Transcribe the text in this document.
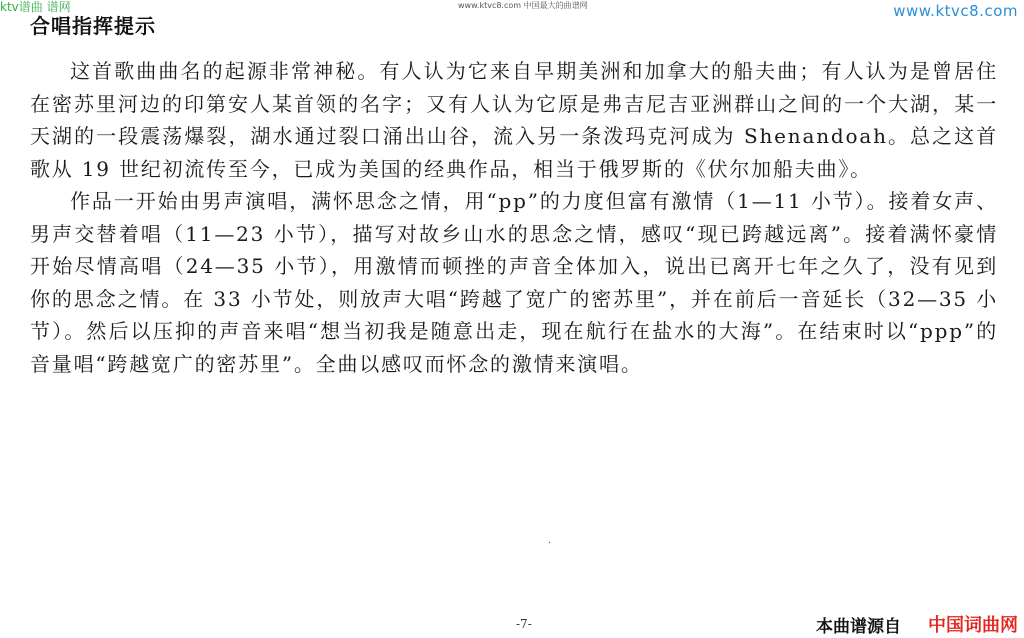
ktv谱曲 谱网	www.ktvc8.com 中国最大的曲谱网	www.ktvc8.com
合唱指挥提示

这首歌曲曲名的起源非常神秘。有人认为它来自早期美洲和加拿大的船夫曲；有人认为是曾居住在密苏里河边的印第安人某首领的名字；又有人认为它原是弗吉尼吉亚洲群山之间的一个大湖，某一天湖的一段震荡爆裂，湖水通过裂口涌出山谷，流入另一条泼玛克河成为 Shenandoah。总之这首歌从 19 世纪初流传至今，已成为美国的经典作品，相当于俄罗斯的《伏尔加船夫曲》。

作品一开始由男声演唱，满怀思念之情，用“pp”的力度但富有激情（1—11 小节）。接着女声、男声交替着唱（11—23 小节），描写对故乡山水的思念之情，感叹“现已跨越远离”。接着满怀豪情开始尽情高唱（24—35 小节），用激情而顿挫的声音全体加入，说出已离开七年之久了，没有见到你的思念之情。在 33 小节处，则放声大唱“跨越了宽广的密苏里”，并在前后一音延长（32—35 小节）。然后以压抑的声音来唱“想当初我是随意出走，现在航行在盐水的大海”。在结束时以“ppp”的音量唱“跨越宽广的密苏里”。全曲以感叹而怀念的激情来演唱。

·
-7-	本曲谱源自 中国词曲网
